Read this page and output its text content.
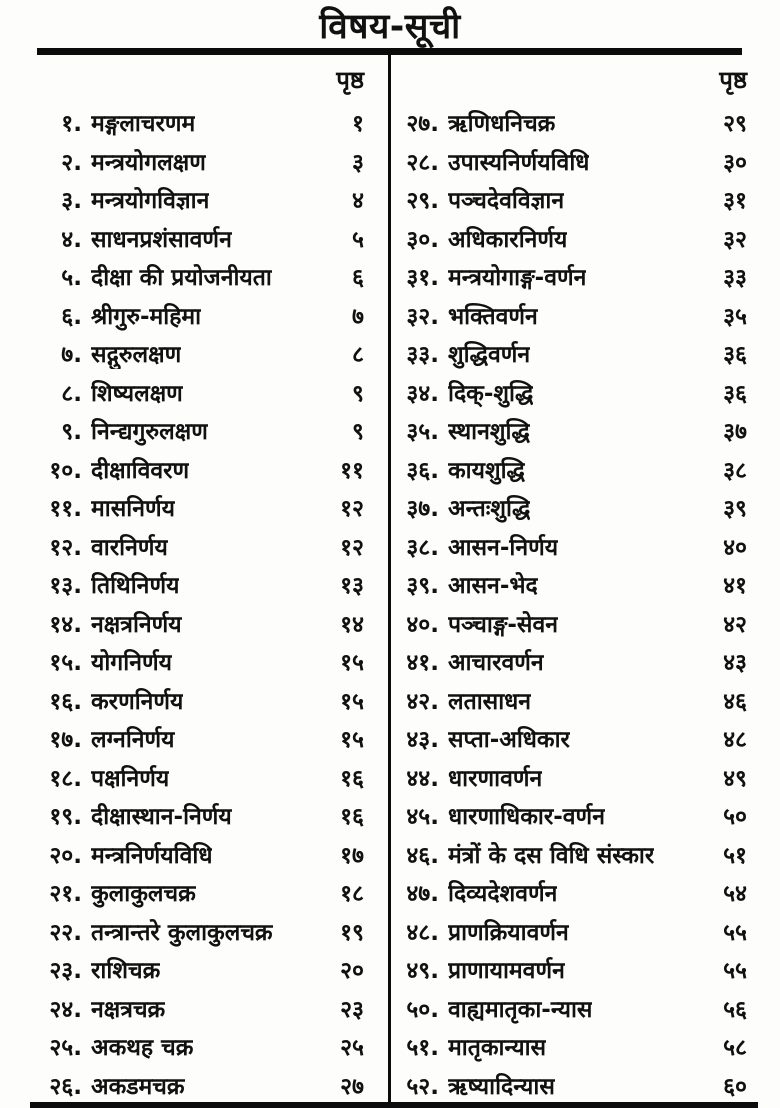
विषय-सूची
पृष्ठ
१. मङ्गलाचरणम	१
२. मन्त्रयोगलक्षण	३
३. मन्त्रयोगविज्ञान	४
४. साधनप्रशंसावर्णन	५
५. दीक्षा की प्रयोजनीयता	६
६. श्रीगुरु-महिमा	७
७. सद्गुरुलक्षण	८
८. शिष्यलक्षण	९
९. निन्द्यगुरुलक्षण	९
१०. दीक्षाविवरण	११
११. मासनिर्णय	१२
१२. वारनिर्णय	१२
१३. तिथिनिर्णय	१३
१४. नक्षत्रनिर्णय	१४
१५. योगनिर्णय	१५
१६. करणनिर्णय	१५
१७. लग्ननिर्णय	१५
१८. पक्षनिर्णय	१६
१९. दीक्षास्थान-निर्णय	१६
२०. मन्त्रनिर्णयविधि	१७
२१. कुलाकुलचक्र	१८
२२. तन्त्रान्तरे कुलाकुलचक्र	१९
२३. राशिचक्र	२०
२४. नक्षत्रचक्र	२३
२५. अकथह चक्र	२५
२६. अकडमचक्र	२७
पृष्ठ
२७. ऋणिधनिचक्र	२९
२८. उपास्यनिर्णयविधि	३०
२९. पञ्चदेवविज्ञान	३१
३०. अधिकारनिर्णय	३२
३१. मन्त्रयोगाङ्ग-वर्णन	३३
३२. भक्तिवर्णन	३५
३३. शुद्धिवर्णन	३६
३४. दिक्-शुद्धि	३६
३५. स्थानशुद्धि	३७
३६. कायशुद्धि	३८
३७. अन्तःशुद्धि	३९
३८. आसन-निर्णय	४०
३९. आसन-भेद	४१
४०. पञ्चाङ्ग-सेवन	४२
४१. आचारवर्णन	४३
४२. लतासाधन	४६
४३. सप्ता-अधिकार	४८
४४. धारणावर्णन	४९
४५. धारणाधिकार-वर्णन	५०
४६. मंत्रों के दस विधि संस्कार	५१
४७. दिव्यदेशवर्णन	५४
४८. प्राणक्रियावर्णन	५५
४९. प्राणायामवर्णन	५५
५०. वाह्यमातृका-न्यास	५६
५१. मातृकान्यास	५८
५२. ऋष्यादिन्यास	६०
